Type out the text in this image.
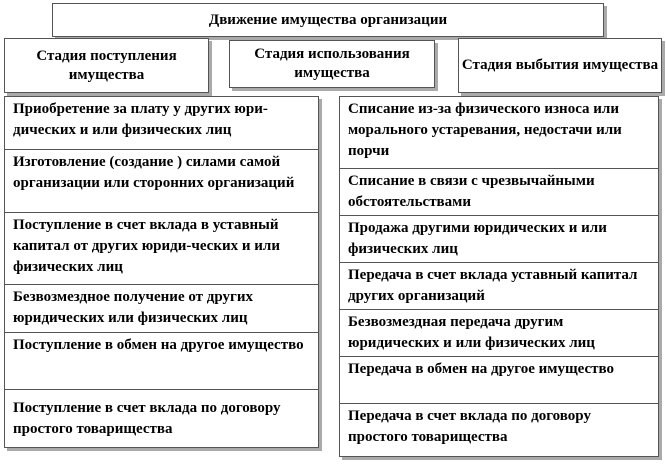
Движение имущества организации
Стадия поступления имущества
Стадия использования имущества	Стадия выбытия имущества
Приобретение за плату у других юри-дических и или физических лиц
Изготовление (создание ) силами самой организации или сторонних организаций
Поступление в счет вклада в уставный капитал от других юриди-ческих и или физических лиц
Безвозмездное получение от других юридических или физических лиц
Поступление в обмен на другое имущество
Поступление в счет вклада по договору простого товарищества
Списание из-за физического износа или морального устаревания, недостачи или порчи
Списание в связи с чрезвычайными обстоятельствами
Продажа другими юридических и или физических лиц
Передача в счет вклада уставный капитал других организаций
Безвозмездная передача другим юридических и или физических лиц
Передача в обмен на другое имущество
Передача в счет вклада по договору простого товарищества
